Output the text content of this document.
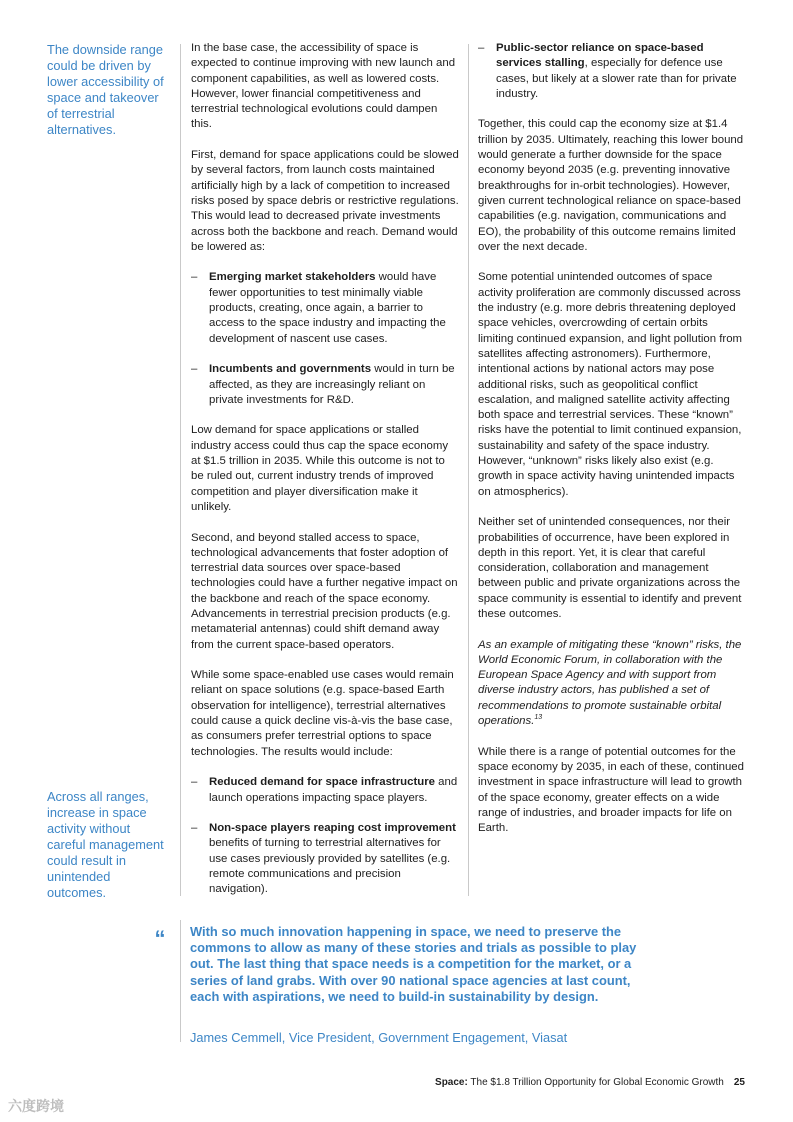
The downside range could be driven by lower accessibility of space and takeover of terrestrial alternatives.
Across all ranges, increase in space activity without careful management could result in unintended outcomes.

In the base case, the accessibility of space is expected to continue improving with new launch and component capabilities, as well as lowered costs. However, lower financial competitiveness and terrestrial technological evolutions could dampen this.

First, demand for space applications could be slowed by several factors, from launch costs maintained artificially high by a lack of competition to increased risks posed by space debris or restrictive regulations. This would lead to decreased private investments across both the backbone and reach. Demand would be lowered as:

– Emerging market stakeholders would have fewer opportunities to test minimally viable products, creating, once again, a barrier to access to the space industry and impacting the development of nascent use cases.
– Incumbents and governments would in turn be affected, as they are increasingly reliant on private investments for R&D.

Low demand for space applications or stalled industry access could thus cap the space economy at $1.5 trillion in 2035. While this outcome is not to be ruled out, current industry trends of improved competition and player diversification make it unlikely.

Second, and beyond stalled access to space, technological advancements that foster adoption of terrestrial data sources over space-based technologies could have a further negative impact on the backbone and reach of the space economy. Advancements in terrestrial precision products (e.g. metamaterial antennas) could shift demand away from the current space-based operators.

While some space-enabled use cases would remain reliant on space solutions (e.g. space-based Earth observation for intelligence), terrestrial alternatives could cause a quick decline vis-à-vis the base case, as consumers prefer terrestrial options to space technologies. The results would include:

– Reduced demand for space infrastructure and launch operations impacting space players.
– Non-space players reaping cost improvement benefits of turning to terrestrial alternatives for use cases previously provided by satellites (e.g. remote communications and precision navigation).
– Public-sector reliance on space-based services stalling, especially for defence use cases, but likely at a slower rate than for private industry.

Together, this could cap the economy size at $1.4 trillion by 2035. Ultimately, reaching this lower bound would generate a further downside for the space economy beyond 2035 (e.g. preventing innovative breakthroughs for in-orbit technologies). However, given current technological reliance on space-based capabilities (e.g. navigation, communications and EO), the probability of this outcome remains limited over the next decade.

Some potential unintended outcomes of space activity proliferation are commonly discussed across the industry (e.g. more debris threatening deployed space vehicles, overcrowding of certain orbits limiting continued expansion, and light pollution from satellites affecting astronomers). Furthermore, intentional actions by national actors may pose additional risks, such as geopolitical conflict escalation, and maligned satellite activity affecting both space and terrestrial services. These “known” risks have the potential to limit continued expansion, sustainability and safety of the space industry. However, “unknown” risks likely also exist (e.g. growth in space activity having unintended impacts on atmospherics).

Neither set of unintended consequences, nor their probabilities of occurrence, have been explored in depth in this report. Yet, it is clear that careful consideration, collaboration and management between public and private organizations across the space community is essential to identify and prevent these outcomes.

As an example of mitigating these “known” risks, the World Economic Forum, in collaboration with the European Space Agency and with support from diverse industry actors, has published a set of recommendations to promote sustainable orbital operations.$^{13}$

While there is a range of potential outcomes for the space economy by 2035, in each of these, continued investment in space infrastructure will lead to growth of the space economy, greater effects on a wide range of industries, and broader impacts for life on Earth.

“	With so much innovation happening in space, we need to preserve the commons to allow as many of these stories and trials as possible to play out. The last thing that space needs is a competition for the market, or a series of land grabs. With over 90 national space agencies at last count, each with aspirations, we need to build-in sustainability by design.
James Cemmell, Vice President, Government Engagement, Viasat
Space: The $1.8 Trillion Opportunity for Global Economic Growth 25
六度跨境
